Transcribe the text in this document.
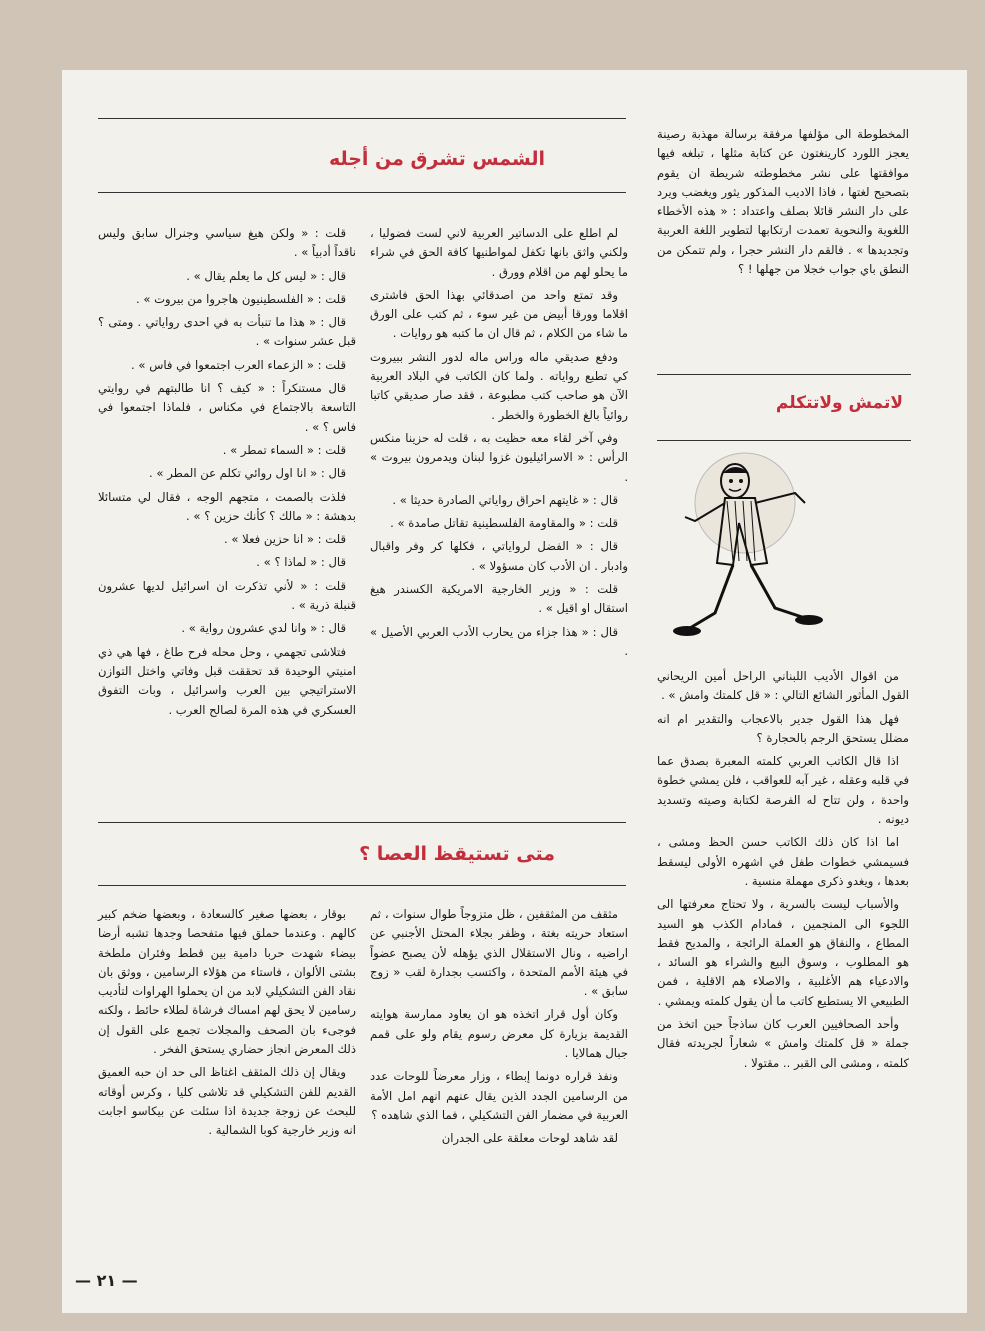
المخطوطة الى مؤلفها مرفقة برسالة مهذبة رصينة يعجز اللورد كارينغتون عن كتابة مثلها ، تبلغه فيها موافقتها على نشر مخطوطته شريطة ان يقوم بتصحيح لغتها ، فاذا الاديب المذكور يثور ويغضب ويرد على دار النشر قائلا بصلف واعتداد : « هذه الأخطاء اللغوية والنحوية تعمدت ارتكابها لتطوير اللغة العربية وتجديدها » . فالقم دار النشر حجرا ، ولم تتمكن من النطق باي جواب خجلا من جهلها ! ؟

لاتمش ولاتتكلم

من اقوال الأديب اللبناني الراحل أمين الريحاني القول المأثور الشائع التالي : « قل كلمتك وامش » .

فهل هذا القول جدير بالاعجاب والتقدير ام انه مضلل يستحق الرجم بالحجارة ؟

اذا قال الكاتب العربي كلمته المعبرة بصدق عما في قلبه وعقله ، غير آبه للعواقب ، فلن يمشي خطوة واحدة ، ولن تتاح له الفرصة لكتابة وصيته وتسديد ديونه .

اما اذا كان ذلك الكاتب حسن الحظ ومشى ، فسيمشي خطوات طفل في اشهره الأولى ليسقط بعدها ، ويغدو ذكرى مهملة منسية .

والأسباب ليست بالسرية ، ولا تحتاج معرفتها الى اللجوء الى المنجمين ، فمادام الكذب هو السيد المطاع ، والنفاق هو العملة الرائجة ، والمديح فقط هو المطلوب ، وسوق البيع والشراء هو السائد ، والادعياء هم الأغلبية ، والاصلاء هم الاقلية ، فمن الطبيعي الا يستطيع كاتب ما أن يقول كلمته ويمشي .

وأحد الصحافيين العرب كان ساذجاً حين اتخذ من جملة « قل كلمتك وامش » شعاراً لجريدته فقال كلمته ، ومشى الى القبر .. مقتولا .

الشمس تشرق من أجله

لم اطلع على الدساتير العربية لاني لست فضوليا ، ولكني واثق بانها تكفل لمواطنيها كافة الحق في شراء ما يحلو لهم من اقلام وورق .

وقد تمتع واحد من اصدقائي بهذا الحق فاشترى اقلاما وورقا أبيض من غير سوء ، ثم كتب على الورق ما شاء من الكلام ، ثم قال ان ما كتبه هو روايات .

ودفع صديقي ماله وراس ماله لدور النشر ببيروت كي تطبع رواياته . ولما كان الكاتب في البلاد العربية الآن هو صاحب كتب مطبوعة ، فقد صار صديقي كاتبا روائياً بالغ الخطورة والخطر .

وفي آخر لقاء معه حظيت به ، قلت له حزينا منكس الرأس : « الاسرائيليون غزوا لبنان ويدمرون بيروت » .

قال : « غايتهم احراق رواياتي الصادرة حديثا » .

قلت : « والمقاومة الفلسطينية تقاتل صامدة » .

قال : « الفضل لرواياتي ، فكلها كر وفر واقبال وادبار . ان الأدب كان مسؤولا » .

قلت : « وزير الخارجية الامريكية الكسندر هيغ استقال او اقيل » .

قال : « هذا جزاء من يحارب الأدب العربي الأصيل » .

قلت : « ولكن هيغ سياسي وجنرال سابق وليس ناقداً أدبياً » .

قال : « ليس كل ما يعلم يقال » .

قلت : « الفلسطينيون هاجروا من بيروت » .

قال : « هذا ما تنبأت به في احدى رواياتي . ومتى ؟ قبل عشر سنوات » .

قلت : « الزعماء العرب اجتمعوا في فاس » .

قال مستنكراً : « كيف ؟ انا طالبتهم في روايتي التاسعة بالاجتماع في مكناس ، فلماذا اجتمعوا في فاس ؟ » .

قلت : « السماء تمطر » .

قال : « انا اول روائي تكلم عن المطر » .

فلذت بالصمت ، متجهم الوجه ، فقال لي متسائلا بدهشة : « مالك ؟ كأنك حزين ؟ » .

قلت : « انا حزين فعلا » .

قال : « لماذا ؟ » .

قلت : « لأني تذكرت ان اسرائيل لديها عشرون قنبلة ذرية » .

قال : « وانا لدي عشرون رواية » .

فتلاشى تجهمي ، وحل محله فرح طاغ ، فها هي ذي امنيتي الوحيدة قد تحققت قبل وفاتي واختل التوازن الاستراتيجي بين العرب واسرائيل ، وبات التفوق العسكري في هذه المرة لصالح العرب .

متى تستيقظ العصا ؟

مثقف من المثقفين ، ظل متزوجاً طوال سنوات ، ثم استعاد حريته بغتة ، وظفر بجلاء المحتل الأجنبي عن اراضيه ، ونال الاستقلال الذي يؤهله لأن يصبح عضواً في هيئة الأمم المتحدة ، واكتسب بجدارة لقب « زوج سابق » .

وكان أول قرار اتخذه هو ان يعاود ممارسة هوايته القديمة بزيارة كل معرض رسوم يقام ولو على قمم جبال همالايا .

ونفذ قراره دونما إبطاء ، وزار معرضاً للوحات عدد من الرسامين الجدد الذين يقال عنهم انهم امل الأمة العربية في مضمار الفن التشكيلي ، فما الذي شاهده ؟

لقد شاهد لوحات معلقة على الجدران

بوقار ، بعضها صغير كالسعادة ، وبعضها ضخم كبير كالهم . وعندما حملق فيها متفحصا وجدها تشبه أرضا بيضاء شهدت حربا دامية بين قطط وفئران ملطخة بشتى الألوان ، فاستاء من هؤلاء الرسامين ، ووثق بان نقاد الفن التشكيلي لابد من ان يحملوا الهراوات لتأديب رسامين لا يحق لهم امساك فرشاة لطلاء حائط ، ولكنه فوجىء بان الصحف والمجلات تجمع على القول إن ذلك المعرض انجاز حضاري يستحق الفخر .

ويقال إن ذلك المثقف اغتاظ الى حد ان حبه العميق القديم للفن التشكيلي قد تلاشى كليا ، وكرس أوقاته للبحث عن زوجة جديدة اذا سئلت عن بيكاسو اجابت انه وزير خارجية كوبا الشمالية .

— ٢١ —
